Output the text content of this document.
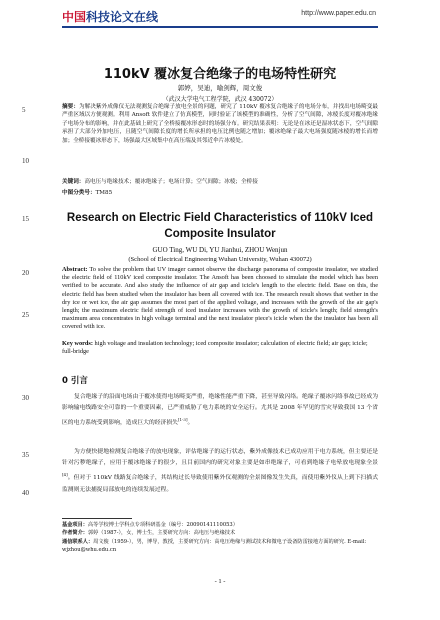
中国科技论文在线	http://www.paper.edu.cn
5
10
15
20
25
30
35
40
110kV 覆冰复合绝缘子的电场特性研究
郭婷，吴迪，喻剑辉，周文俊
（武汉大学电气工程学院，武汉 430072）
摘要：为解决紫外成像仪无法观测复合绝缘子放电全景的问题，研究了 110kV 覆冰复合绝缘子的电场分布，并找出电场畸变最严重区域以方便观测。利用 Ansoft 软件建立了仿真模型，同时验证了该模型的准确性，分析了空气间隙，冰棱长度对覆冰绝缘子电场分布的影响，并在此基础上研究了全桥接覆冰形态时的场强分布。研究结果表明：无论是在冰还是湿冰状态下，空气间隙承担了大部分外加电压，且随空气间隙长度的增长所承担的电压比例也随之增加；覆冰绝缘子最大电场强度随冰棱的增长而增加；全桥接覆冰形态下，场强最大区域集中在高压端及其邻近伞片冰棱处。
关键词：高电压与绝缘技术；覆冰绝缘子；电场计算；空气间隙；冰棱；全桥接
中图分类号：TM85
Research on Electric Field Characteristics of 110kV Iced
Composite Insulator
GUO Ting, WU Di, YU Jianhui, ZHOU Wenjun
(School of Electrical Engineering Wuhan University, Wuhan 430072)
Abstract: To solve the problem that UV imager cannot observe the discharge panorama of composite insulator, we studied the electric field of 110kV iced composite insulator. The Ansoft has been choosed to simulate the model which has been verified to be accurate. And also study the influence of air gap and icicle's length to the electric field. Base on this, the electric field has been studied when the insulator has been all covered with ice. The research result shows that wether in the dry ice or wet ice, the air gap assumes the most part of the applied voltage, and increases with the growth of the air gap's length; the maximum electric field strength of iced insulator increases with the growth of icicle's length; field strength's maximum area concentrates in high voltage terminal and the next insulator piece's icicle when the the insulator has been all covered with ice.
Key words: high voltage and insulation technology; iced composite insulator; calculation of electric field; air gap; icicle; full-bridge
0 引言
复合绝缘子的沿面电场由于覆冰使得电场畸变严重，绝缘性能严重下降，甚至导致闪络。绝缘子覆冰闪络事故已经成为影响输电线路安全可靠的一个重要因素，已严重威胁了电力系统的安全运行。尤其是 2008 年罕见的雪灾导致我国 13 个省区的电力系统受到影响，造成巨大的经济损失[1-3]。
为方便快捷地检测复合绝缘子的放电现象，评估绝缘子的运行状态，紫外成像技术已成功应用于电力系统，但主要还是针对污秽绝缘子，应用于覆冰绝缘子的很少，且目前国内的研究对象主要是如串绝缘子，可看到绝缘子电晕放电现象全景[4]。但对于 110kV 线路复合绝缘子，其结构过长导致使用紫外仪观测的全景图像发生失真，而使用紫外仪从上到下扫描式监测则无法捕捉局部放电的连续发展过程。
基金项目：高等学校博士学科点专项科研基金（编号：20090141110053）
作者简介：郭婷（1987-），女，博士生，主要研究方向：高电压与绝缘技术
通信联系人：周文俊（1959-），男，博导，教授，主要研究方向：高电压绝缘与测试技术和微电子设备防雷接地方面的研究. E-mail: wjzhou@whu.edu.cn
- 1 -
